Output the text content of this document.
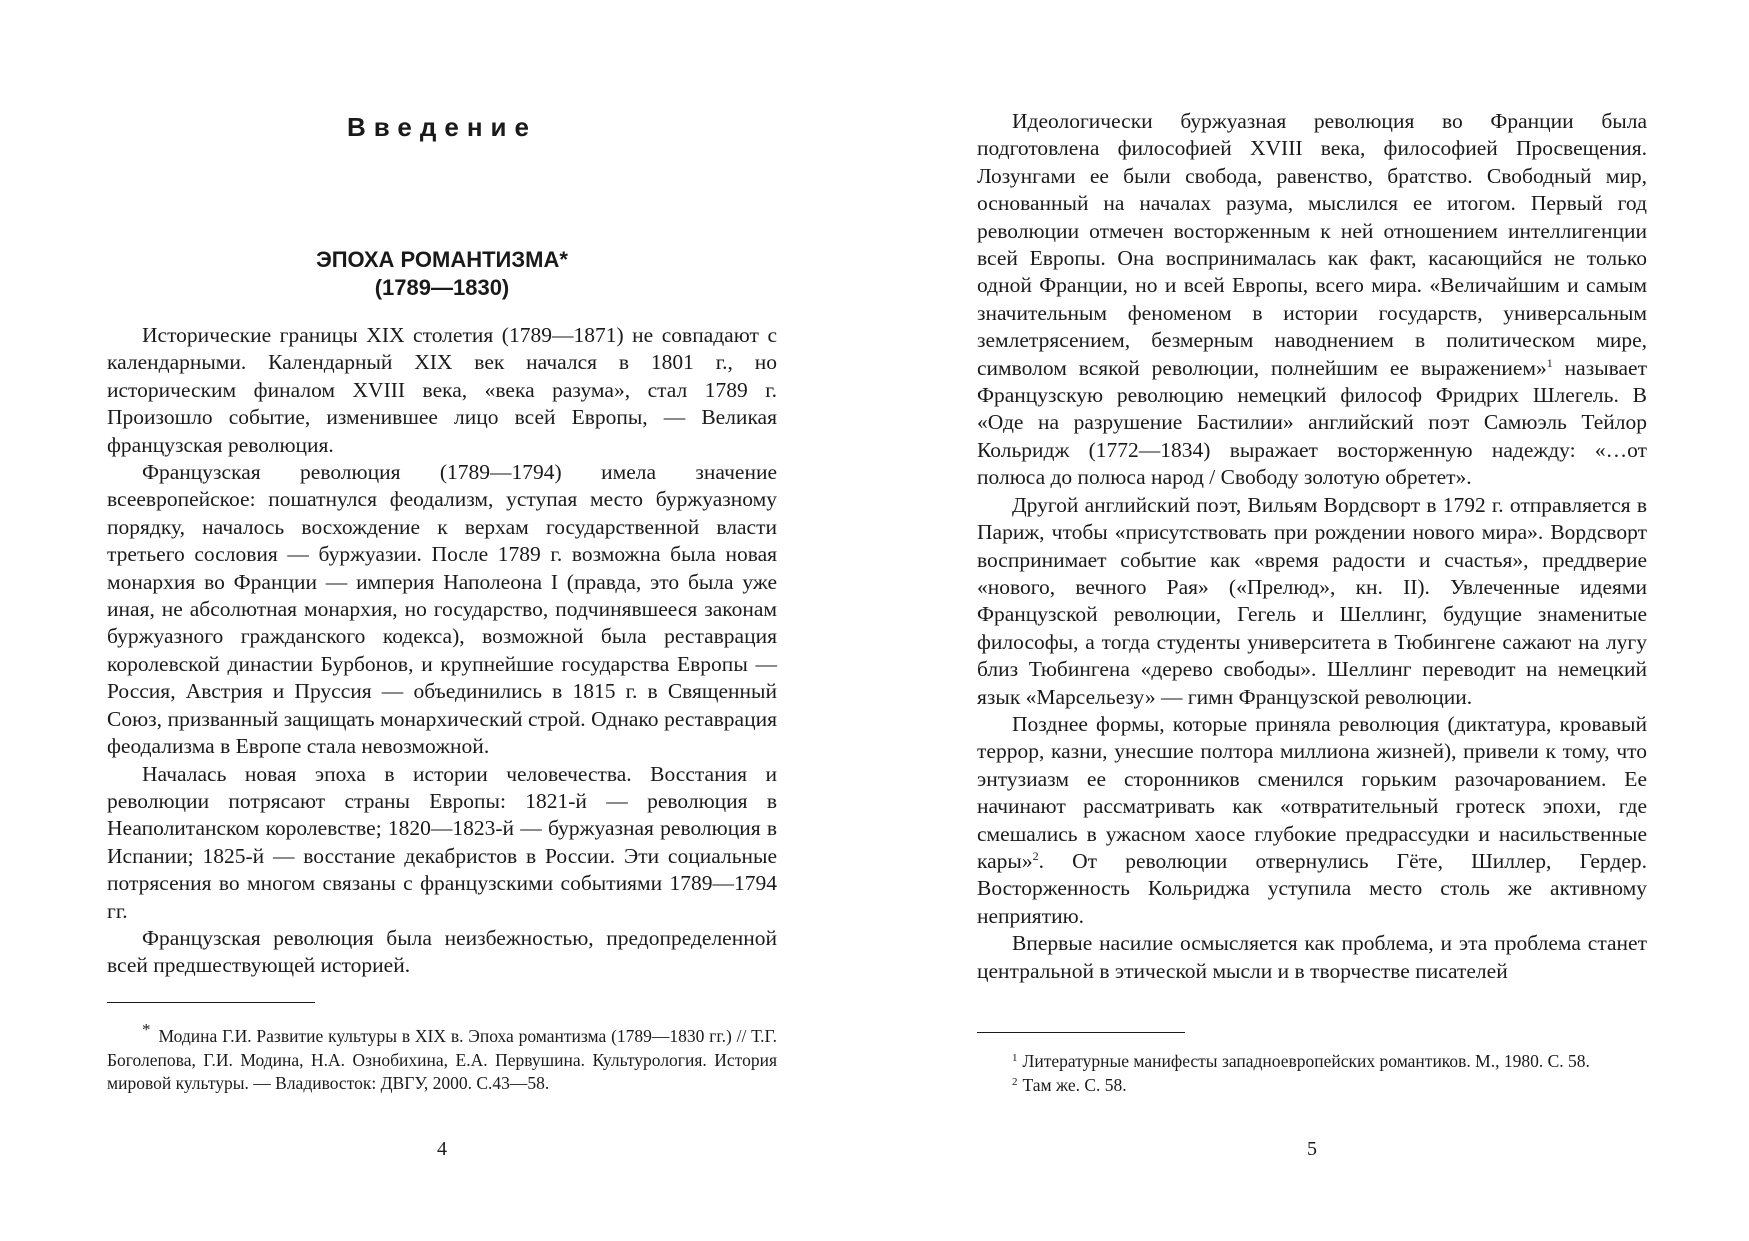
Введение
ЭПОХА РОМАНТИЗМА*
(1789—1830)

Исторические границы XIX столетия (1789—1871) не совпадают с календарными. Календарный XIX век начался в 1801 г., но историческим финалом XVIII века, «века разума», стал 1789 г. Произошло событие, изменившее лицо всей Европы, — Великая французская революция.

Французская революция (1789—1794) имела значение всеевропейское: пошатнулся феодализм, уступая место буржуазному порядку, началось восхождение к верхам государственной власти третьего сословия — буржуазии. После 1789 г. возможна была новая монархия во Франции — империя Наполеона I (правда, это была уже иная, не абсолютная монархия, но государство, подчинявшееся законам буржуазного гражданского кодекса), возможной была реставрация королевской династии Бурбонов, и крупнейшие государства Европы — Россия, Австрия и Пруссия — объединились в 1815 г. в Священный Союз, призванный защищать монархический строй. Однако реставрация феодализма в Европе стала невозможной.

Началась новая эпоха в истории человечества. Восстания и революции потрясают страны Европы: 1821-й — революция в Неаполитанском королевстве; 1820—1823-й — буржуазная революция в Испании; 1825-й — восстание декабристов в России. Эти социальные потрясения во многом связаны с французскими событиями 1789—1794 гг.

Французская революция была неизбежностью, предопределенной всей предшествующей историей.

* Модина Г.И. Развитие культуры в XIX в. Эпоха романтизма (1789—1830 гг.) // Т.Г. Боголепова, Г.И. Модина, Н.А. Ознобихина, Е.А. Первушина. Культурология. История мировой культуры. — Владивосток: ДВГУ, 2000. С.43—58.

4

Идеологически буржуазная революция во Франции была подготовлена философией XVIII века, философией Просвещения. Лозунгами ее были свобода, равенство, братство. Свободный мир, основанный на началах разума, мыслился ее итогом. Первый год революции отмечен восторженным к ней отношением интеллигенции всей Европы. Она воспринималась как факт, касающийся не только одной Франции, но и всей Европы, всего мира. «Величайшим и самым значительным феноменом в истории государств, универсальным землетрясением, безмерным наводнением в политическом мире, символом всякой революции, полнейшим ее выражением»$^1$ называет Французскую революцию немецкий философ Фридрих Шлегель. В «Оде на разрушение Бастилии» английский поэт Самюэль Тейлор Кольридж (1772—1834) выражает восторженную надежду: «…от полюса до полюса народ / Свободу золотую обретет».

Другой английский поэт, Вильям Вордсворт в 1792 г. отправляется в Париж, чтобы «присутствовать при рождении нового мира». Вордсворт воспринимает событие как «время радости и счастья», преддверие «нового, вечного Рая» («Прелюд», кн. II). Увлеченные идеями Французской революции, Гегель и Шеллинг, будущие знаменитые философы, а тогда студенты университета в Тюбингене сажают на лугу близ Тюбингена «дерево свободы». Шеллинг переводит на немецкий язык «Марсельезу» — гимн Французской революции.

Позднее формы, которые приняла революция (диктатура, кровавый террор, казни, унесшие полтора миллиона жизней), привели к тому, что энтузиазм ее сторонников сменился горьким разочарованием. Ее начинают рассматривать как «отвратительный гротеск эпохи, где смешались в ужасном хаосе глубокие предрассудки и насильственные кары»$^2$. От революции отвернулись Гёте, Шиллер, Гердер. Восторженность Кольриджа уступила место столь же активному неприятию.

Впервые насилие осмысляется как проблема, и эта проблема станет центральной в этической мысли и в творчестве писателей

$^1$ Литературные манифесты западноевропейских романтиков. М., 1980. С. 58.

$^2$ Там же. С. 58.

5
